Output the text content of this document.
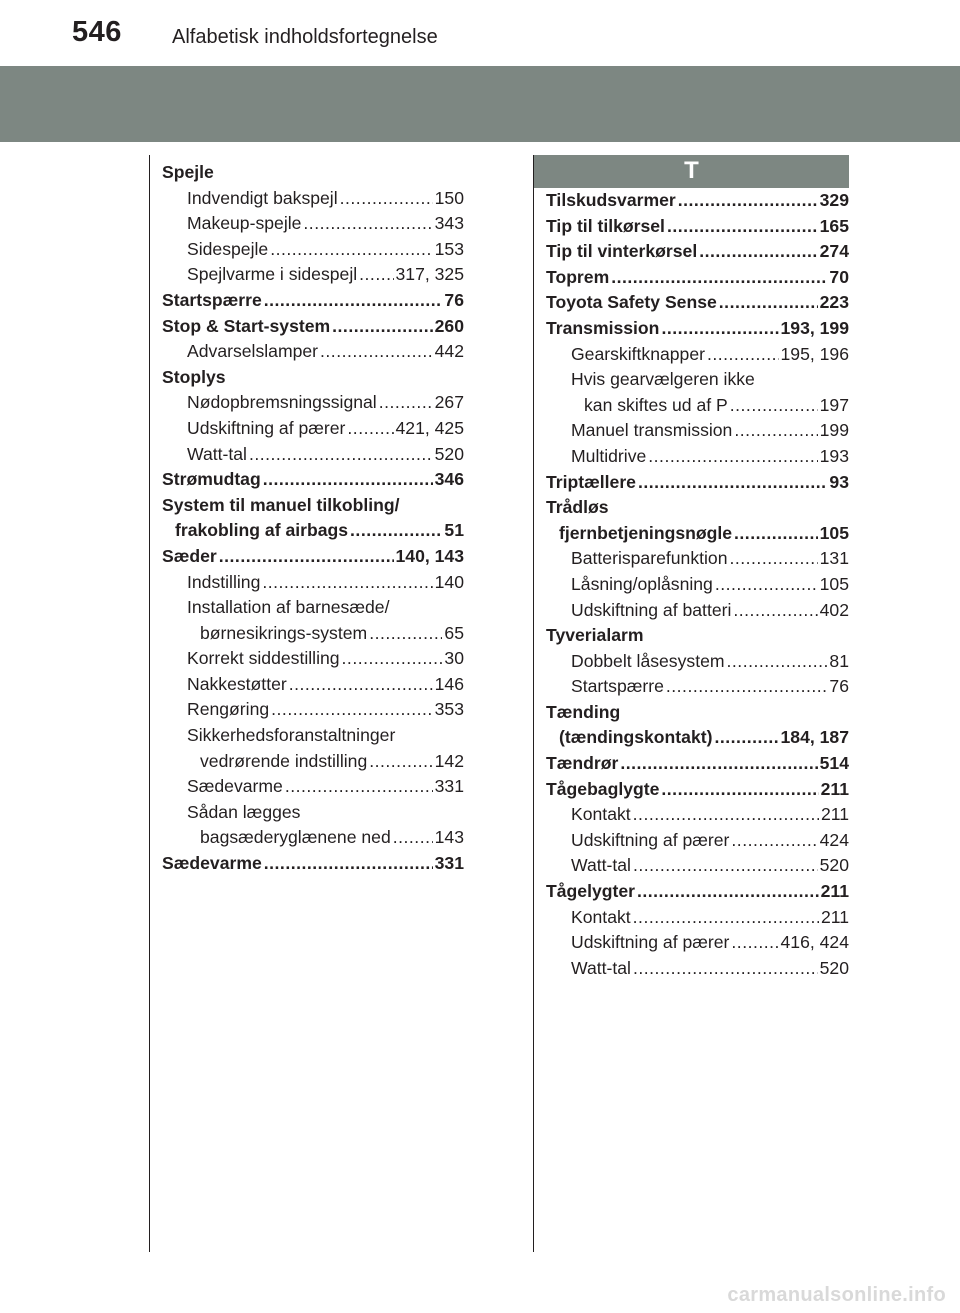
546	Alfabetisk indholdsfortegnelse
T
Spejle
Indvendigt bakspejl .....	150
Makeup-spejle .....	343
Sidespejle .....	153
Spejlvarme i sidespejl ..... 317, 325
Startspærre .....	76
Stop & Start-system .....	260
Advarselslamper .....	442
Stoplys
Nødopbremsningssignal .....	267
Udskiftning af pærer .....	421, 425
Watt-tal .....	520
Strømudtag .....	346
System til manuel tilkobling/
frakobling af airbags .....	51
Sæder .....	140, 143
Indstilling .....	140
Installation af barnesæde/
børnesikrings-system .....	65
Korrekt siddestilling .....	30
Nakkestøtter .....	146
Rengøring .....	353
Sikkerhedsforanstaltninger
vedrørende indstilling .....	142
Sædevarme .....	331
Sådan lægges
bagsæderyglænene ned ..... 143
Sædevarme .....	331
Tilskudsvarmer .....	329
Tip til tilkørsel .....	165
Tip til vinterkørsel .....	274
Toprem .....	70
Toyota Safety Sense .....	223
Transmission .....	193, 199
Gearskiftknapper .....	195, 196
Hvis gearvælgeren ikke
kan skiftes ud af P .....	197
Manuel transmission .....	199
Multidrive .....	193
Triptællere .....	93
Trådløs
fjernbetjeningsnøgle .....	105
Batterisparefunktion .....	131
Låsning/oplåsning .....	105
Udskiftning af batteri .....	402
Tyverialarm
Dobbelt låsesystem .....	81
Startspærre .....	76
Tænding
(tændingskontakt) .....	184, 187
Tændrør .....	514
Tågebaglygte .....	211
Kontakt .....	211
Udskiftning af pærer .....	424
Watt-tal .....	520
Tågelygter .....	211
Kontakt .....	211
Udskiftning af pærer .....	416, 424
Watt-tal .....	520
carmanualsonline.info
